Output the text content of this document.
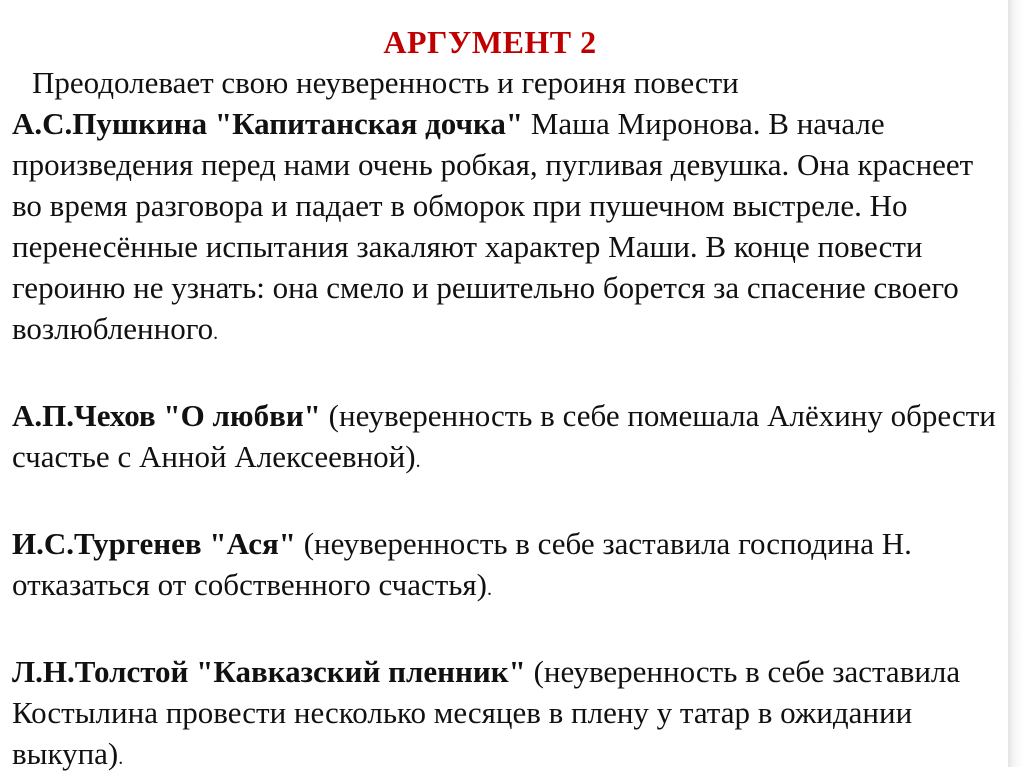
АРГУМЕНТ 2

Преодолевает свою неуверенность и героиня повести
А.С.Пушкина "Капитанская дочка" Маша Миронова. В начале произведения перед нами очень робкая, пугливая девушка. Она краснеет во время разговора и падает в обморок при пушечном выстреле. Но перенесённые испытания закаляют характер Маши. В конце повести героиню не узнать: она смело и решительно борется за спасение своего возлюбленного.

А.П.Чехов "О любви" (неуверенность в себе помешала Алёхину обрести счастье с Анной Алексеевной).

И.С.Тургенев "Ася" (неуверенность в себе заставила господина Н. отказаться от собственного счастья).

Л.Н.Толстой "Кавказский пленник" (неуверенность в себе заставила Костылина провести несколько месяцев в плену у татар в ожидании выкупа).
